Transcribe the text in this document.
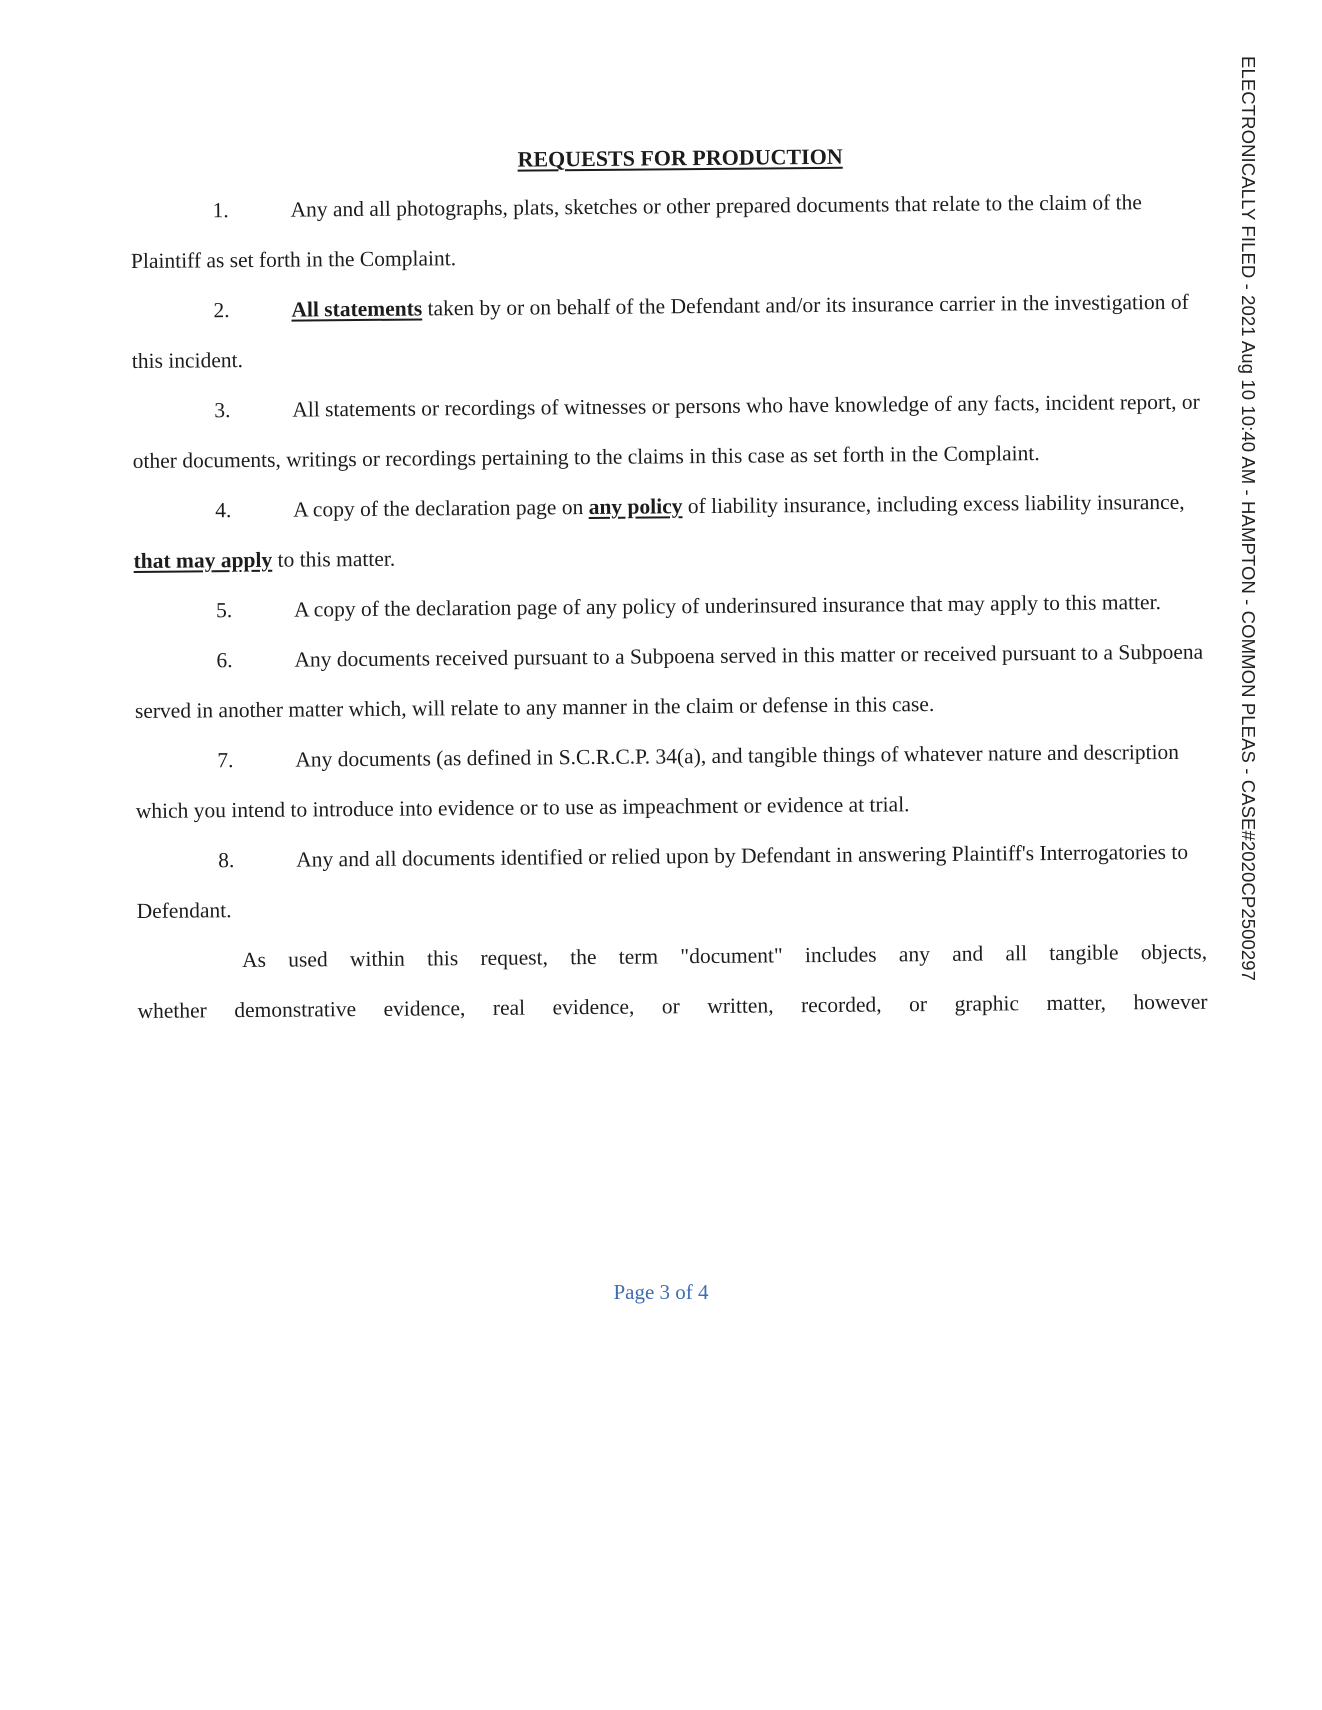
ELECTRONICALLY FILED - 2021 Aug 10 10:40 AM - HAMPTON - COMMON PLEAS - CASE#2020CP2500297
REQUESTS FOR PRODUCTION

1.	Any and all photographs, plats, sketches or other prepared documents that relate to the claim of the Plaintiff as set forth in the Complaint.

2.	All statements taken by or on behalf of the Defendant and/or its insurance carrier in the investigation of this incident.

3.	All statements or recordings of witnesses or persons who have knowledge of any facts, incident report, or other documents, writings or recordings pertaining to the claims in this case as set forth in the Complaint.

4.	A copy of the declaration page on any policy of liability insurance, including excess liability insurance, that may apply to this matter.

5.	A copy of the declaration page of any policy of underinsured insurance that may apply to this matter.

6.	Any documents received pursuant to a Subpoena served in this matter or received pursuant to a Subpoena served in another matter which, will relate to any manner in the claim or defense in this case.

7.	Any documents (as defined in S.C.R.C.P. 34(a), and tangible things of whatever nature and description which you intend to introduce into evidence or to use as impeachment or evidence at trial.

8.	Any and all documents identified or relied upon by Defendant in answering Plaintiff's Interrogatories to Defendant.

As used within this request, the term "document" includes any and all tangible objects,

whether demonstrative evidence, real evidence, or written, recorded, or graphic matter, however

Page 3 of 4
